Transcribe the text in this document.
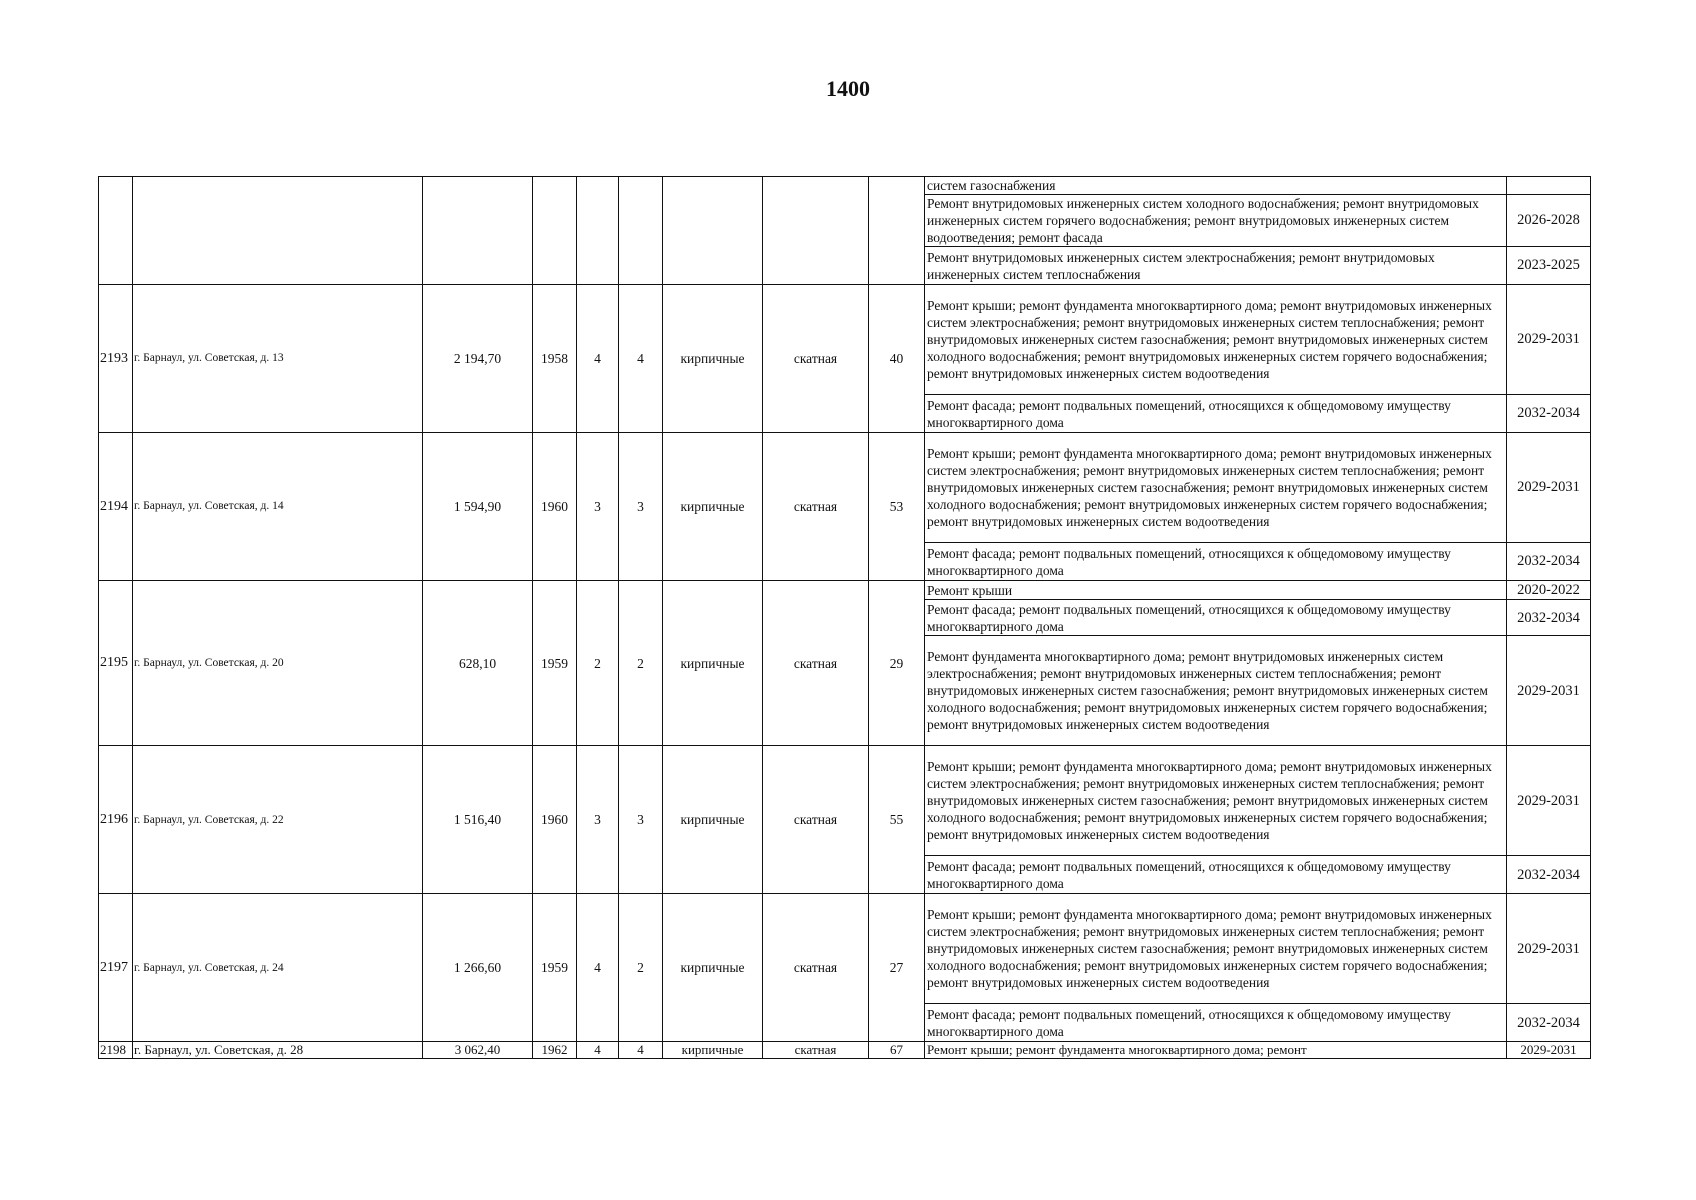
1400
									систем газоснабжения	
									Ремонт внутридомовых инженерных систем холодного водоснабжения; ремонт внутридомовых инженерных систем горячего водоснабжения; ремонт внутридомовых инженерных систем водоотведения; ремонт фасада	2026-2028
									Ремонт внутридомовых инженерных систем электроснабжения; ремонт внутридомовых инженерных систем теплоснабжения	2023-2025
2193	г. Барнаул, ул. Советская, д. 13	2 194,70	1958	4	4	кирпичные	скатная	40	Ремонт крыши; ремонт фундамента многоквартирного дома; ремонт внутридомовых инженерных систем электроснабжения; ремонт внутридомовых инженерных систем теплоснабжения; ремонт внутридомовых инженерных систем газоснабжения; ремонт внутридомовых инженерных систем холодного водоснабжения; ремонт внутридомовых инженерных систем горячего водоснабжения; ремонт внутридомовых инженерных систем водоотведения	2029-2031
									Ремонт фасада; ремонт подвальных помещений, относящихся к общедомовому имуществу многоквартирного дома	2032-2034
2194	г. Барнаул, ул. Советская, д. 14	1 594,90	1960	3	3	кирпичные	скатная	53	Ремонт крыши; ремонт фундамента многоквартирного дома; ремонт внутридомовых инженерных систем электроснабжения; ремонт внутридомовых инженерных систем теплоснабжения; ремонт внутридомовых инженерных систем газоснабжения; ремонт внутридомовых инженерных систем холодного водоснабжения; ремонт внутридомовых инженерных систем горячего водоснабжения; ремонт внутридомовых инженерных систем водоотведения	2029-2031
									Ремонт фасада; ремонт подвальных помещений, относящихся к общедомовому имуществу многоквартирного дома	2032-2034
2195	г. Барнаул, ул. Советская, д. 20	628,10	1959	2	2	кирпичные	скатная	29	Ремонт крыши	2020-2022
									Ремонт фасада; ремонт подвальных помещений, относящихся к общедомовому имуществу многоквартирного дома	2032-2034
									Ремонт фундамента многоквартирного дома; ремонт внутридомовых инженерных систем электроснабжения; ремонт внутридомовых инженерных систем теплоснабжения; ремонт внутридомовых инженерных систем газоснабжения; ремонт внутридомовых инженерных систем холодного водоснабжения; ремонт внутридомовых инженерных систем горячего водоснабжения; ремонт внутридомовых инженерных систем водоотведения	2029-2031
2196	г. Барнаул, ул. Советская, д. 22	1 516,40	1960	3	3	кирпичные	скатная	55	Ремонт крыши; ремонт фундамента многоквартирного дома; ремонт внутридомовых инженерных систем электроснабжения; ремонт внутридомовых инженерных систем теплоснабжения; ремонт внутридомовых инженерных систем газоснабжения; ремонт внутридомовых инженерных систем холодного водоснабжения; ремонт внутридомовых инженерных систем горячего водоснабжения; ремонт внутридомовых инженерных систем водоотведения	2029-2031
									Ремонт фасада; ремонт подвальных помещений, относящихся к общедомовому имуществу многоквартирного дома	2032-2034
2197	г. Барнаул, ул. Советская, д. 24	1 266,60	1959	4	2	кирпичные	скатная	27	Ремонт крыши; ремонт фундамента многоквартирного дома; ремонт внутридомовых инженерных систем электроснабжения; ремонт внутридомовых инженерных систем теплоснабжения; ремонт внутридомовых инженерных систем газоснабжения; ремонт внутридомовых инженерных систем холодного водоснабжения; ремонт внутридомовых инженерных систем горячего водоснабжения; ремонт внутридомовых инженерных систем водоотведения	2029-2031
									Ремонт фасада; ремонт подвальных помещений, относящихся к общедомовому имуществу многоквартирного дома	2032-2034
2198	г. Барнаул, ул. Советская, д. 28	3 062,40	1962	4	4	кирпичные	скатная	67	Ремонт крыши; ремонт фундамента многоквартирного дома; ремонт	2029-2031
